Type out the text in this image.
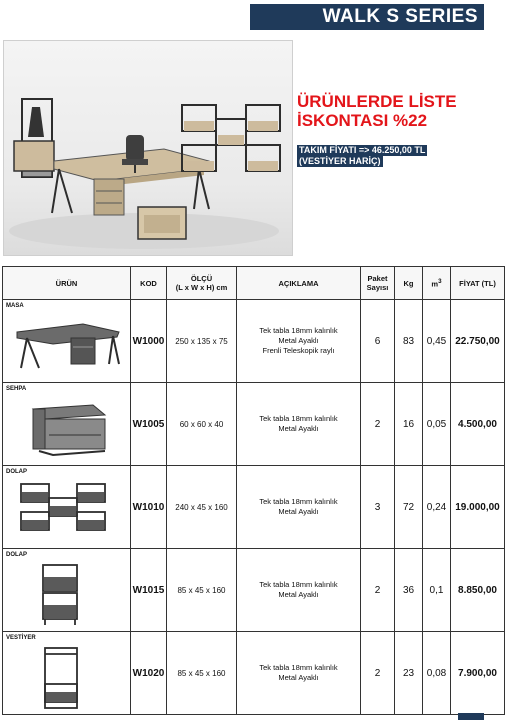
WALK S SERIES
ÜRÜNLERDE LİSTE
İSKONTASI %22
TAKIM FİYATI => 46.250,00 TL
(VESTİYER HARİÇ)
ÜRÜN	KOD	ÖLÇÜ
(L x W x H) cm	AÇIKLAMA	Paket
Sayısı	Kg	$m^3$	FİYAT (TL)

MASA	W1000	250 x 135 x 75	Tek tabla 18mm kalınlık
Metal Ayaklı
Frenli Teleskopik raylı	6	83	0,45	22.750,00

SEHPA	W1005	60 x 60 x 40	Tek tabla 18mm kalınlık
Metal Ayaklı	2	16	0,05	4.500,00

DOLAP	W1010	240 x 45 x 160	Tek tabla 18mm kalınlık
Metal Ayaklı	3	72	0,24	19.000,00

DOLAP	W1015	85 x 45 x 160	Tek tabla 18mm kalınlık
Metal Ayaklı	2	36	0,1	8.850,00

VESTİYER	W1020	85 x 45 x 160	Tek tabla 18mm kalınlık
Metal Ayaklı	2	23	0,08	7.900,00
